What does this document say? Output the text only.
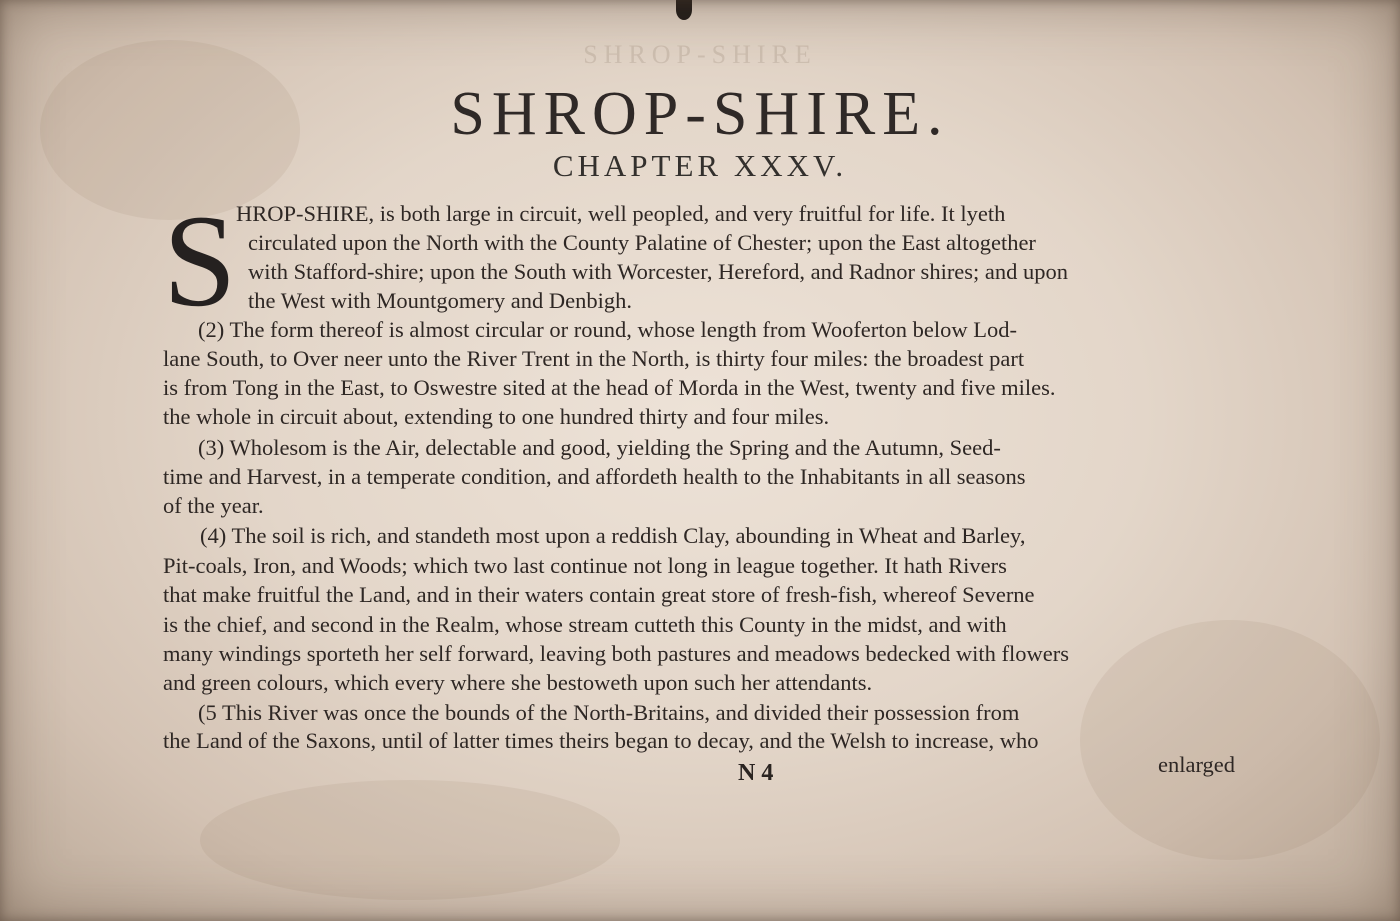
SHROP-SHIRE
SHROP-SHIRE.
CHAPTER XXXV.
S HROP-SHIRE, is both large in circuit, well peopled, and very fruitful for life. It lyeth
circulated upon the North with the County Palatine of Chester; upon the East altogether
with Stafford-shire; upon the South with Worcester, Hereford, and Radnor shires; and upon
the West with Mountgomery and Denbigh.
(2) The form thereof is almost circular or round, whose length from Wooferton below Lod-
lane South, to Over neer unto the River Trent in the North, is thirty four miles: the broadest part
is from Tong in the East, to Oswestre sited at the head of Morda in the West, twenty and five miles.
the whole in circuit about, extending to one hundred thirty and four miles.
(3) Wholesom is the Air, delectable and good, yielding the Spring and the Autumn, Seed-
time and Harvest, in a temperate condition, and affordeth health to the Inhabitants in all seasons
of the year.
(4) The soil is rich, and standeth most upon a reddish Clay, abounding in Wheat and Barley,
Pit-coals, Iron, and Woods; which two last continue not long in league together. It hath Rivers
that make fruitful the Land, and in their waters contain great store of fresh-fish, whereof Severne
is the chief, and second in the Realm, whose stream cutteth this County in the midst, and with
many windings sporteth her self forward, leaving both pastures and meadows bedecked with flowers
and green colours, which every where she bestoweth upon such her attendants.
(5 This River was once the bounds of the North-Britains, and divided their possession from
the Land of the Saxons, until of latter times theirs began to decay, and the Welsh to increase, who
N 4	enlarged
